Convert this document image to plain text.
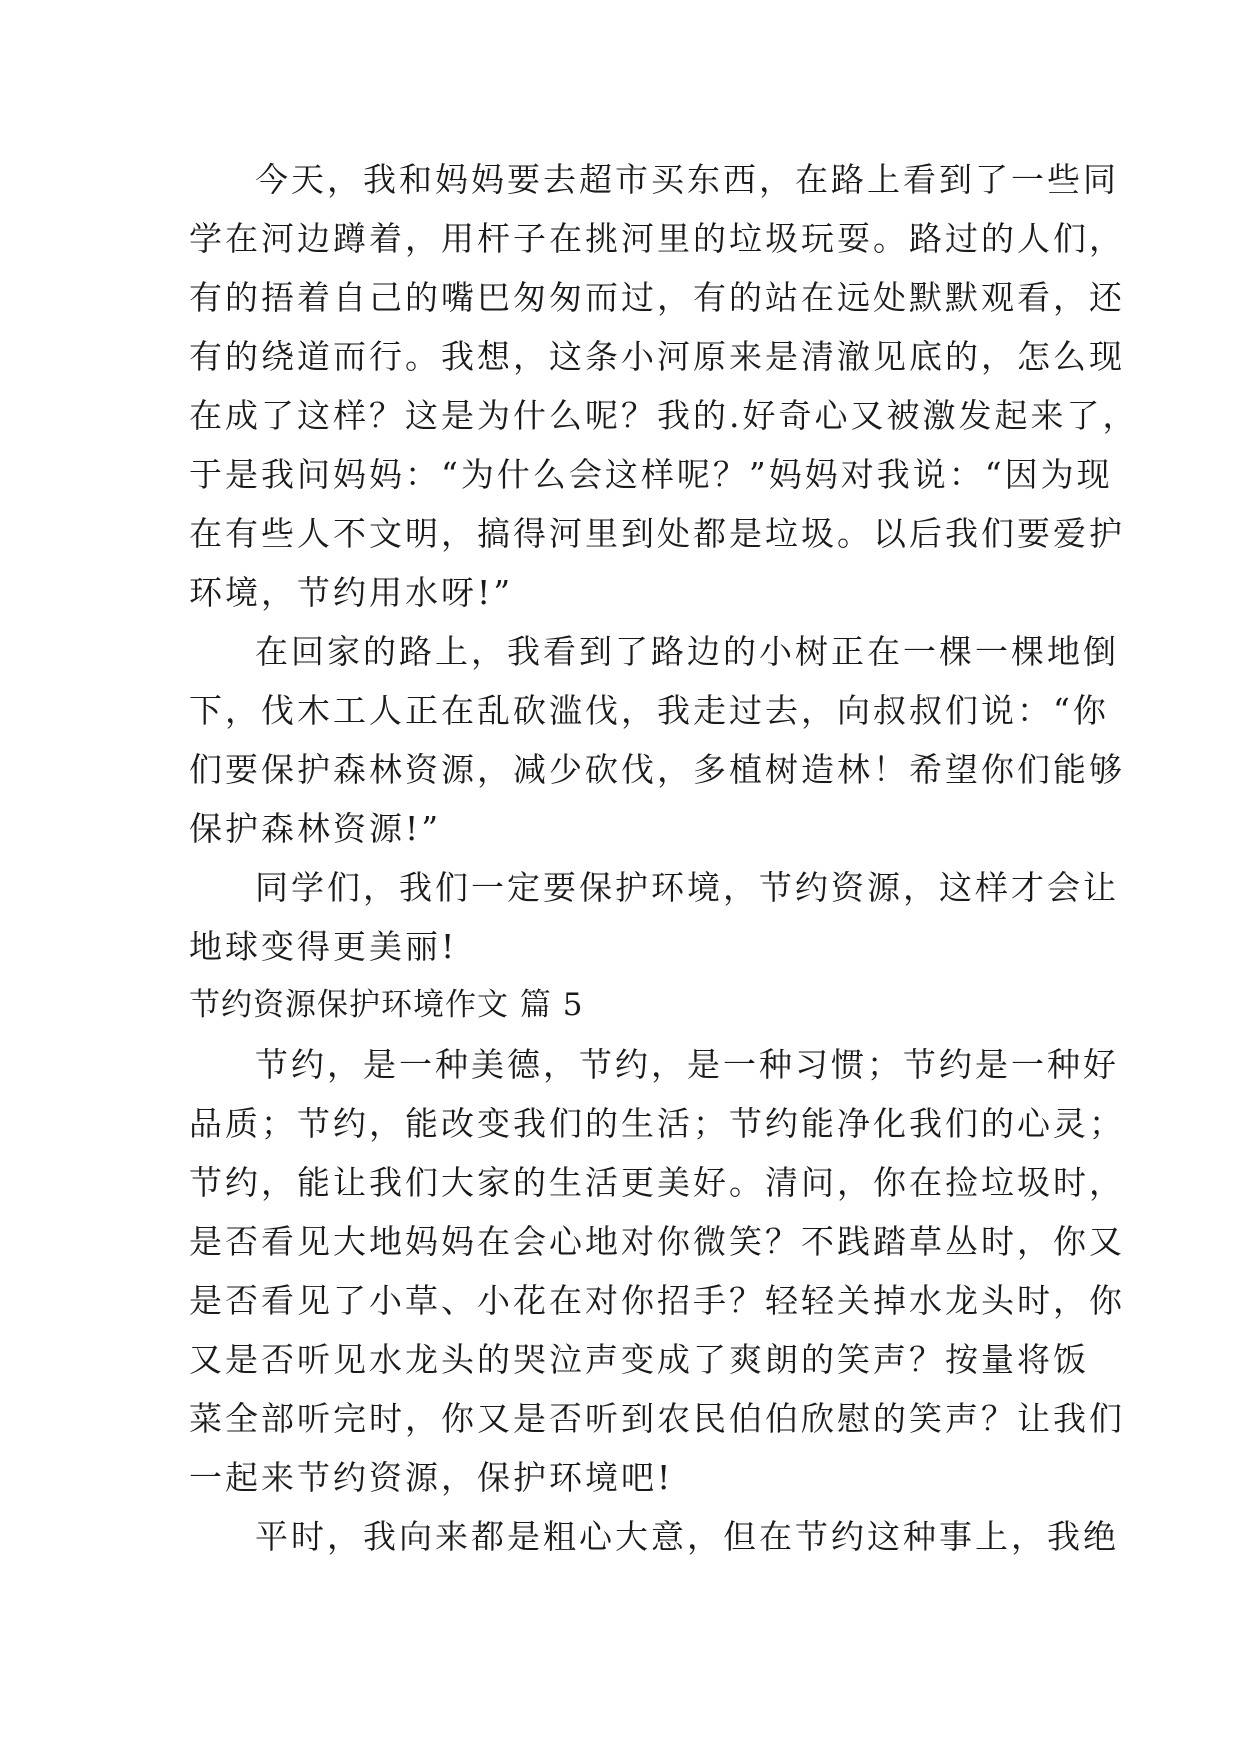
今天，我和妈妈要去超市买东西，在路上看到了一些同
学在河边蹲着，用杆子在挑河里的垃圾玩耍。路过的人们，
有的捂着自己的嘴巴匆匆而过，有的站在远处默默观看，还
有的绕道而行。我想，这条小河原来是清澈见底的，怎么现
在成了这样？这是为什么呢？我的.好奇心又被激发起来了，
于是我问妈妈：“为什么会这样呢？”妈妈对我说：“因为现
在有些人不文明，搞得河里到处都是垃圾。以后我们要爱护
环境，节约用水呀!”
在回家的路上，我看到了路边的小树正在一棵一棵地倒
下，伐木工人正在乱砍滥伐，我走过去，向叔叔们说：“你
们要保护森林资源，减少砍伐，多植树造林！希望你们能够
保护森林资源!”
同学们，我们一定要保护环境，节约资源，这样才会让
地球变得更美丽!
节约资源保护环境作文 篇 5
节约，是一种美德，节约，是一种习惯；节约是一种好
品质；节约，能改变我们的生活；节约能净化我们的心灵；
节约，能让我们大家的生活更美好。清问，你在捡垃圾时，
是否看见大地妈妈在会心地对你微笑？不践踏草丛时，你又
是否看见了小草、小花在对你招手？轻轻关掉水龙头时，你
又是否听见水龙头的哭泣声变成了爽朗的笑声？按量将饭
菜全部听完时，你又是否听到农民伯伯欣慰的笑声？让我们
一起来节约资源，保护环境吧!
平时，我向来都是粗心大意，但在节约这种事上，我绝
